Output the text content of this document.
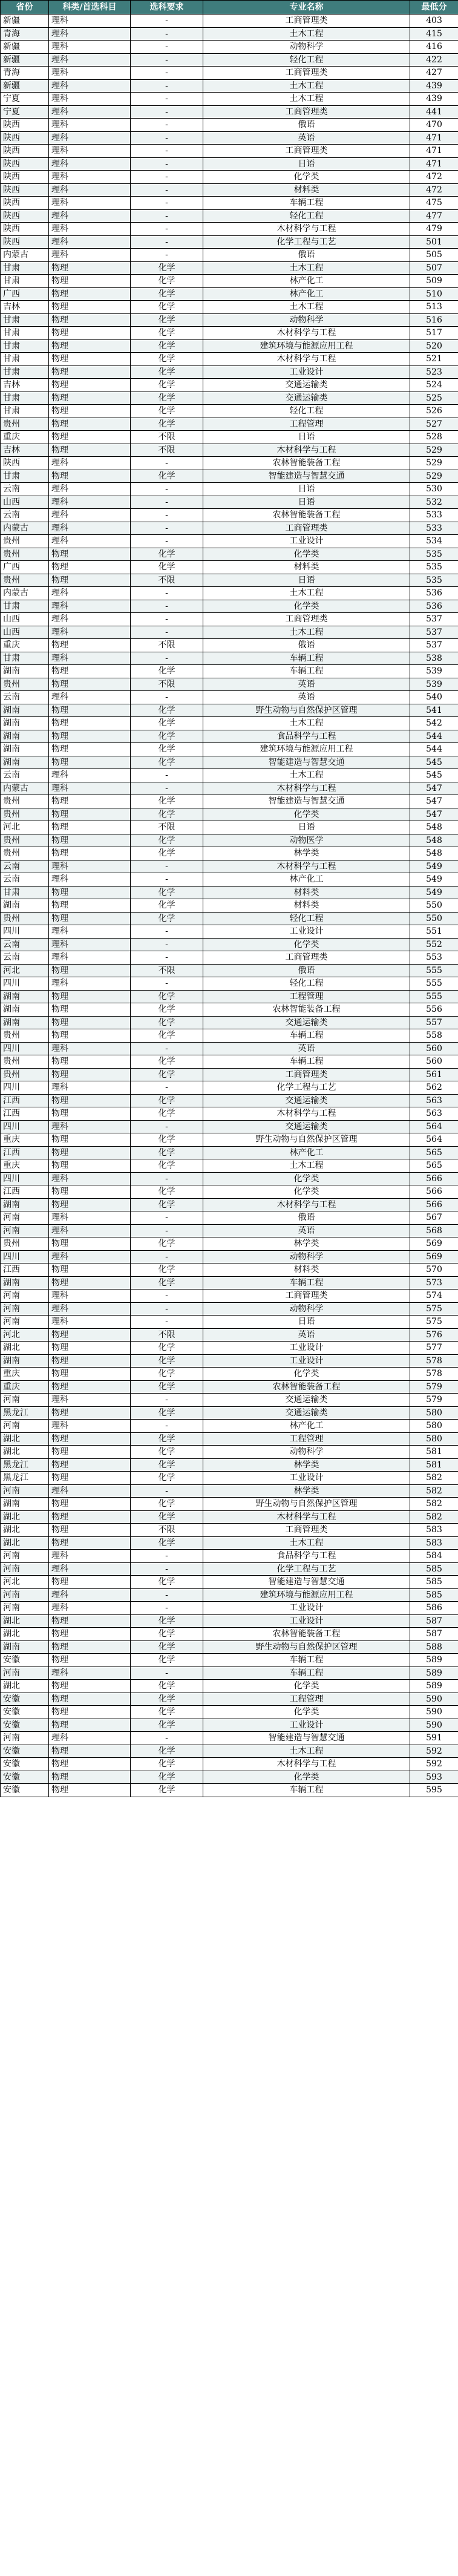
省份	科类/首选科目	选科要求	专业名称	最低分
新疆	理科	-	工商管理类	403
青海	理科	-	土木工程	415
新疆	理科	-	动物科学	416
新疆	理科	-	轻化工程	422
青海	理科	-	工商管理类	427
新疆	理科	-	土木工程	439
宁夏	理科	-	土木工程	439
宁夏	理科	-	工商管理类	441
陕西	理科	-	俄语	470
陕西	理科	-	英语	471
陕西	理科	-	工商管理类	471
陕西	理科	-	日语	471
陕西	理科	-	化学类	472
陕西	理科	-	材料类	472
陕西	理科	-	车辆工程	475
陕西	理科	-	轻化工程	477
陕西	理科	-	木材科学与工程	479
陕西	理科	-	化学工程与工艺	501
内蒙古	理科	-	俄语	505
甘肃	物理	化学	土木工程	507
甘肃	物理	化学	林产化工	509
广西	物理	化学	林产化工	510
吉林	物理	化学	土木工程	513
甘肃	物理	化学	动物科学	516
甘肃	物理	化学	木材科学与工程	517
甘肃	物理	化学	建筑环境与能源应用工程	520
甘肃	物理	化学	木材科学与工程	521
甘肃	物理	化学	工业设计	523
吉林	物理	化学	交通运输类	524
甘肃	物理	化学	交通运输类	525
甘肃	物理	化学	轻化工程	526
贵州	物理	化学	工程管理	527
重庆	物理	不限	日语	528
吉林	物理	不限	木材科学与工程	529
陕西	理科	-	农林智能装备工程	529
甘肃	物理	化学	智能建造与智慧交通	529
云南	理科	-	日语	530
山西	理科	-	日语	532
云南	理科	-	农林智能装备工程	533
内蒙古	理科	-	工商管理类	533
贵州	理科	-	工业设计	534
贵州	物理	化学	化学类	535
广西	物理	化学	材料类	535
贵州	物理	不限	日语	535
内蒙古	理科	-	土木工程	536
甘肃	理科	-	化学类	536
山西	理科	-	工商管理类	537
山西	理科	-	土木工程	537
重庆	物理	不限	俄语	537
甘肃	理科	-	车辆工程	538
湖南	物理	化学	车辆工程	539
贵州	物理	不限	英语	539
云南	理科	-	英语	540
湖南	物理	化学	野生动物与自然保护区管理	541
湖南	物理	化学	土木工程	542
湖南	物理	化学	食品科学与工程	544
湖南	物理	化学	建筑环境与能源应用工程	544
湖南	物理	化学	智能建造与智慧交通	545
云南	理科	-	土木工程	545
内蒙古	理科	-	木材科学与工程	547
贵州	物理	化学	智能建造与智慧交通	547
贵州	物理	化学	化学类	547
河北	物理	不限	日语	548
贵州	物理	化学	动物医学	548
贵州	物理	化学	林学类	548
云南	理科	-	木材科学与工程	549
云南	理科	-	林产化工	549
甘肃	物理	化学	材料类	549
湖南	物理	化学	材料类	550
贵州	物理	化学	轻化工程	550
四川	理科	-	工业设计	551
云南	理科	-	化学类	552
云南	理科	-	工商管理类	553
河北	物理	不限	俄语	555
四川	理科	-	轻化工程	555
湖南	物理	化学	工程管理	555
湖南	物理	化学	农林智能装备工程	556
湖南	物理	化学	交通运输类	557
贵州	物理	化学	车辆工程	558
四川	理科	-	英语	560
贵州	物理	化学	车辆工程	560
贵州	物理	化学	工商管理类	561
四川	理科	-	化学工程与工艺	562
江西	物理	化学	交通运输类	563
江西	物理	化学	木材科学与工程	563
四川	理科	-	交通运输类	564
重庆	物理	化学	野生动物与自然保护区管理	564
江西	物理	化学	林产化工	565
重庆	物理	化学	土木工程	565
四川	理科	-	化学类	566
江西	物理	化学	化学类	566
湖南	物理	化学	木材科学与工程	566
河南	理科	-	俄语	567
河南	理科	-	英语	568
贵州	物理	化学	林学类	569
四川	理科	-	动物科学	569
江西	物理	化学	材料类	570
湖南	物理	化学	车辆工程	573
河南	理科	-	工商管理类	574
河南	理科	-	动物科学	575
河南	理科	-	日语	575
河北	物理	不限	英语	576
湖北	物理	化学	工业设计	577
湖南	物理	化学	工业设计	578
重庆	物理	化学	化学类	578
重庆	物理	化学	农林智能装备工程	579
河南	理科	-	交通运输类	579
黑龙江	物理	化学	交通运输类	580
河南	理科	-	林产化工	580
湖北	物理	化学	工程管理	580
湖北	物理	化学	动物科学	581
黑龙江	物理	化学	林学类	581
黑龙江	物理	化学	工业设计	582
河南	理科	-	林学类	582
湖南	物理	化学	野生动物与自然保护区管理	582
湖北	物理	化学	木材科学与工程	582
湖北	物理	不限	工商管理类	583
湖北	物理	化学	土木工程	583
河南	理科	-	食品科学与工程	584
河南	理科	-	化学工程与工艺	585
河北	物理	化学	智能建造与智慧交通	585
河南	理科	-	建筑环境与能源应用工程	585
河南	理科	-	工业设计	586
湖北	物理	化学	工业设计	587
湖北	物理	化学	农林智能装备工程	587
湖南	物理	化学	野生动物与自然保护区管理	588
安徽	物理	化学	车辆工程	589
河南	理科	-	车辆工程	589
湖北	物理	化学	化学类	589
安徽	物理	化学	工程管理	590
安徽	物理	化学	化学类	590
安徽	物理	化学	工业设计	590
河南	理科	-	智能建造与智慧交通	591
安徽	物理	化学	土木工程	592
安徽	物理	化学	木材科学与工程	592
安徽	物理	化学	化学类	593
安徽	物理	化学	车辆工程	595
